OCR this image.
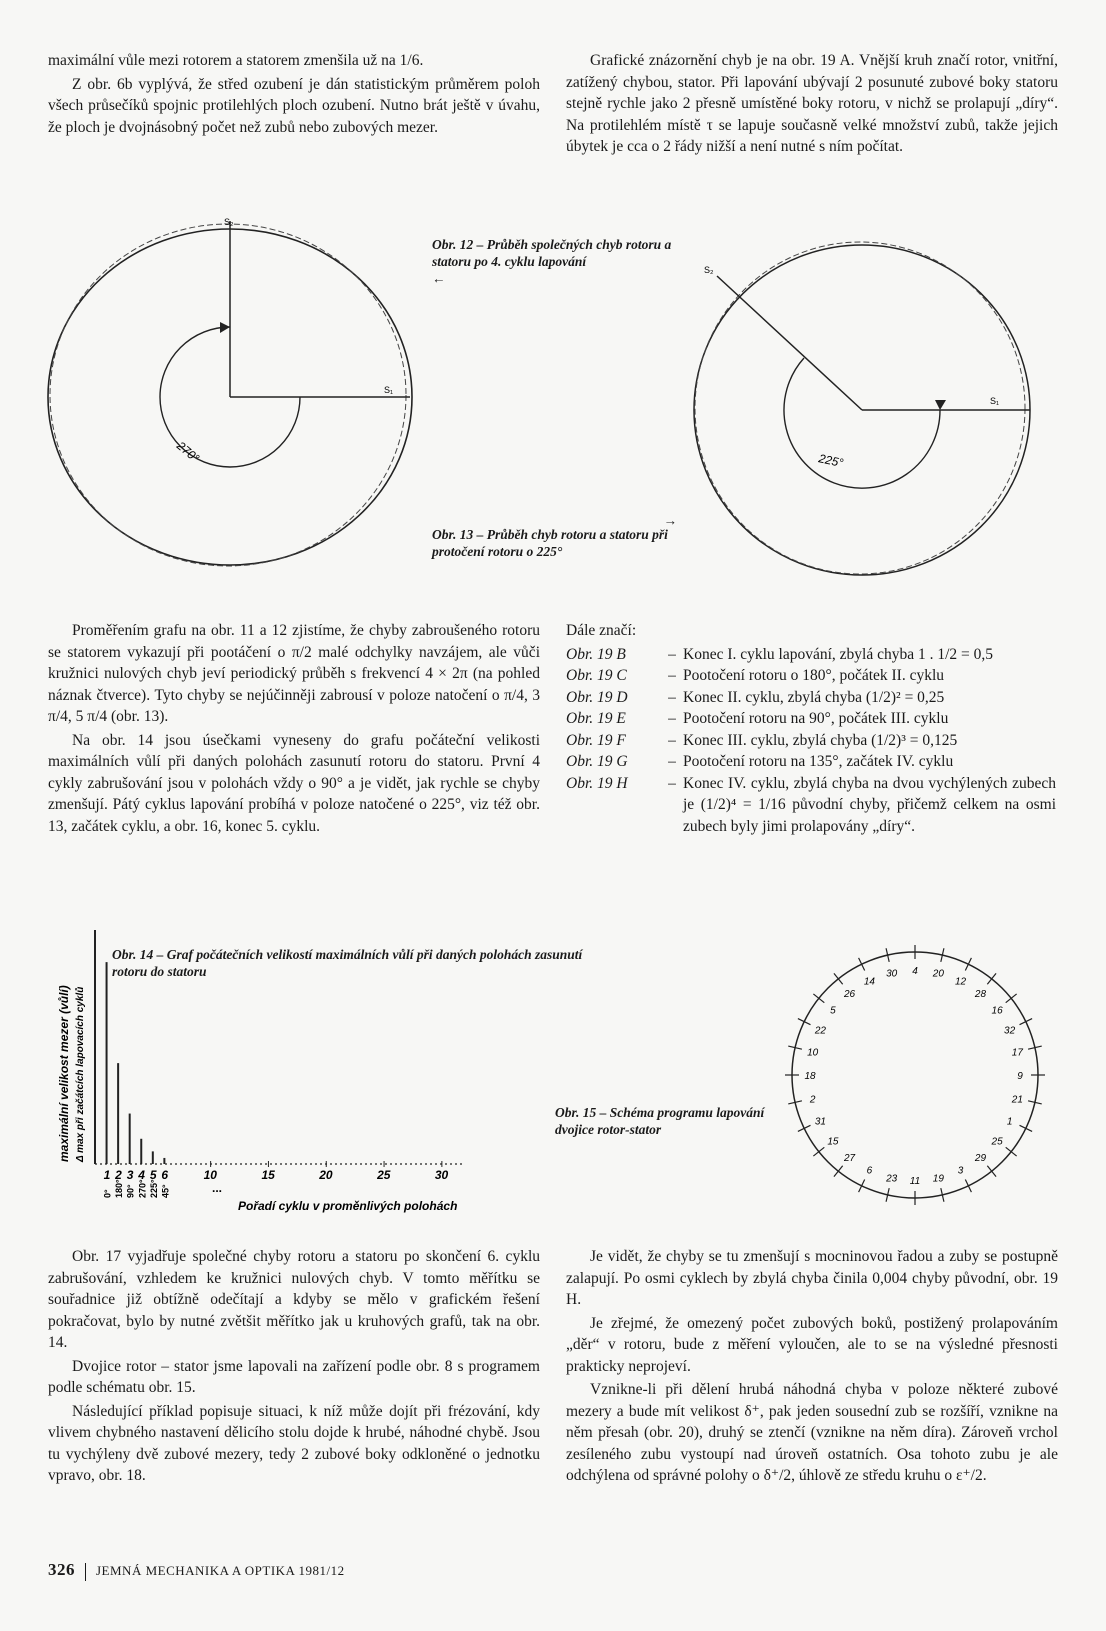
maximální vůle mezi rotorem a statorem zmenšila už na 1/6.

Z obr. 6b vyplývá, že střed ozubení je dán statistickým průměrem poloh všech průsečíků spojnic protilehlých ploch ozubení. Nutno brát ještě v úvahu, že ploch je dvojnásobný počet než zubů nebo zubových mezer.

Grafické znázornění chyb je na obr. 19 A. Vnější kruh značí rotor, vnitřní, zatížený chybou, stator. Při lapování ubývají 2 posunuté zubové boky statoru stejně rychle jako 2 přesně umístěné boky rotoru, v nichž se prolapují „díry“. Na protilehlém místě τ se lapuje současně velké množství zubů, takže jejich úbytek je cca o 2 řády nižší a není nutné s ním počítat.

270°
S₂
S₁
Obr. 12 – Průběh společných chyb rotoru a statoru po 4. cyklu lapování
←
225°
S₂
S₁
→
Obr. 13 – Průběh chyb rotoru a statoru při protočení rotoru o 225°

Proměřením grafu na obr. 11 a 12 zjistíme, že chyby zabroušeného rotoru se statorem vykazují při pootáčení o π/2 malé odchylky navzájem, ale vůči kružnici nulových chyb jeví periodický průběh s frekvencí 4 × 2π (na pohled náznak čtverce). Tyto chyby se nejúčinněji zabrousí v poloze natočení o π/4, 3 π/4, 5 π/4 (obr. 13).

Na obr. 14 jsou úsečkami vyneseny do grafu počáteční velikosti maximálních vůlí při daných polohách zasunutí rotoru do statoru. První 4 cykly zabrušování jsou v polohách vždy o 90° a je vidět, jak rychle se chyby zmenšují. Pátý cyklus lapování probíhá v poloze natočené o 225°, viz též obr. 13, začátek cyklu, a obr. 16, konec 5. cyklu.

Dále značí:
Obr. 19 B	– Konec I. cyklu lapování, zbylá chyba 1 . 1/2 = 0,5
Obr. 19 C	– Pootočení rotoru o 180°, počátek II. cyklu
Obr. 19 D	– Konec II. cyklu, zbylá chyba (1/2)² = 0,25
Obr. 19 E	– Pootočení rotoru na 90°, počátek III. cyklu
Obr. 19 F	– Konec III. cyklu, zbylá chyba (1/2)³ = 0,125
Obr. 19 G	– Pootočení rotoru na 135°, začátek IV. cyklu
Obr. 19 H	– Konec IV. cyklu, zbylá chyba na dvou vychýlených zubech je (1/2)⁴ = 1/16 původní chyby, přičemž celkem na osmi zubech byly jimi prolapovány „díry“.
Obr. 14 – Graf počátečních velikostí maximálních vůlí při daných polohách zasunutí rotoru do statoru
maximální velikost mezer (vůlí) Δ max při začátcích lapovacích cyklů
1 2 3 4 5 6	10	15	20	25	30
0° 180° 90° 270° 225° 45°	...
Pořadí cyklu v proměnlivých polohách
4 20
12
28
16
32
17
9
21
1
25
29
3
19
11
23
6
27
15
31
2
18
10
22
5
26
14
30
Obr. 15 – Schéma programu lapování dvojice rotor-stator

Obr. 17 vyjadřuje společné chyby rotoru a statoru po skončení 6. cyklu zabrušování, vzhledem ke kružnici nulových chyb. V tomto měřítku se souřadnice již obtížně odečítají a kdyby se mělo v grafickém řešení pokračovat, bylo by nutné zvětšit měřítko jak u kruhových grafů, tak na obr. 14.

Dvojice rotor – stator jsme lapovali na zařízení podle obr. 8 s programem podle schématu obr. 15.

Následující příklad popisuje situaci, k níž může dojít při frézování, kdy vlivem chybného nastavení dělicího stolu dojde k hrubé, náhodné chybě. Jsou tu vychýleny dvě zubové mezery, tedy 2 zubové boky odkloněné o jednotku vpravo, obr. 18.

Je vidět, že chyby se tu zmenšují s mocninovou řadou a zuby se postupně zalapují. Po osmi cyklech by zbylá chyba činila 0,004 chyby původní, obr. 19 H.

Je zřejmé, že omezený počet zubových boků, postižený prolapováním „děr“ v rotoru, bude z měření vyloučen, ale to se na výsledné přesnosti prakticky neprojeví.

Vznikne-li při dělení hrubá náhodná chyba v poloze některé zubové mezery a bude mít velikost δ⁺, pak jeden sousední zub se rozšíří, vznikne na něm přesah (obr. 20), druhý se ztenčí (vznikne na něm díra). Zároveň vrchol zesíleného zubu vystoupí nad úroveň ostatních. Osa tohoto zubu je ale odchýlena od správné polohy o δ⁺/2, úhlově ze středu kruhu o ε⁺/2.

326 JEMNÁ MECHANIKA A OPTIKA 1981/12
